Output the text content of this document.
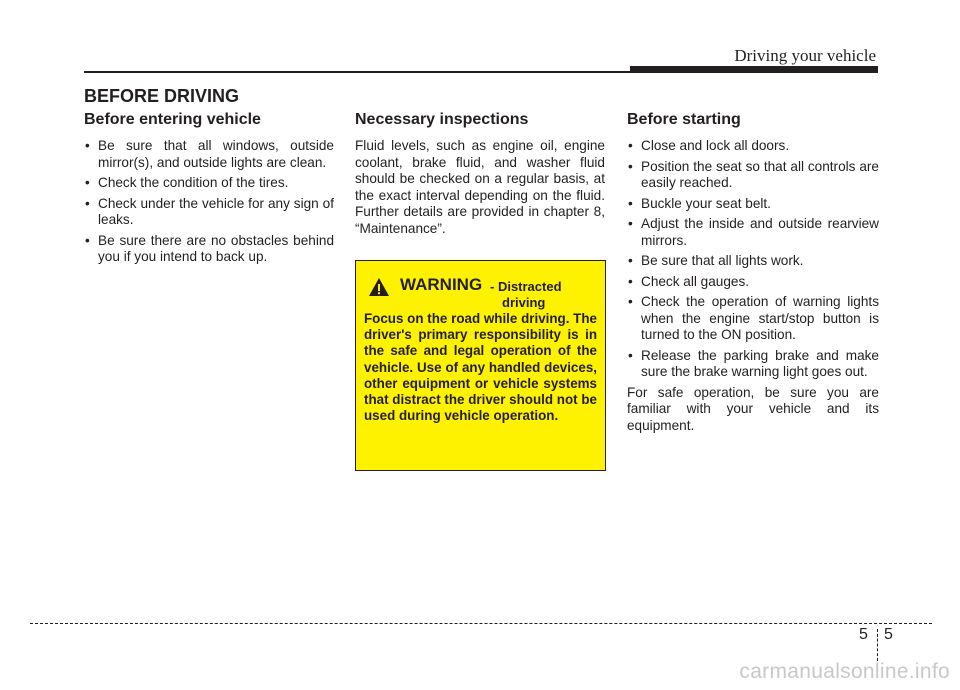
Driving your vehicle
BEFORE DRIVING
Before entering vehicle
• Be sure that all windows, outside mirror(s), and outside lights are clean.
• Check the condition of the tires.
• Check under the vehicle for any sign of leaks.
• Be sure there are no obstacles behind you if you intend to back up.
Necessary inspections

Fluid levels, such as engine oil, engine coolant, brake fluid, and washer fluid should be checked on a regular basis, at the exact interval depending on the fluid. Further details are provided in chapter 8, “Maintenance”.

WARNING - Distracted
driving

Focus on the road while driving. The driver's primary responsibility is in the safe and legal operation of the vehicle. Use of any handled devices, other equipment or vehicle systems that distract the driver should not be used during vehicle operation.

Before starting
• Close and lock all doors.
• Position the seat so that all controls are easily reached.
• Buckle your seat belt.
• Adjust the inside and outside rearview mirrors.
• Be sure that all lights work.
• Check all gauges.
• Check the operation of warning lights when the engine start/stop button is turned to the ON position.
• Release the parking brake and make sure the brake warning light goes out.

For safe operation, be sure you are familiar with your vehicle and its equipment.

5 5
carmanualsonline.info
